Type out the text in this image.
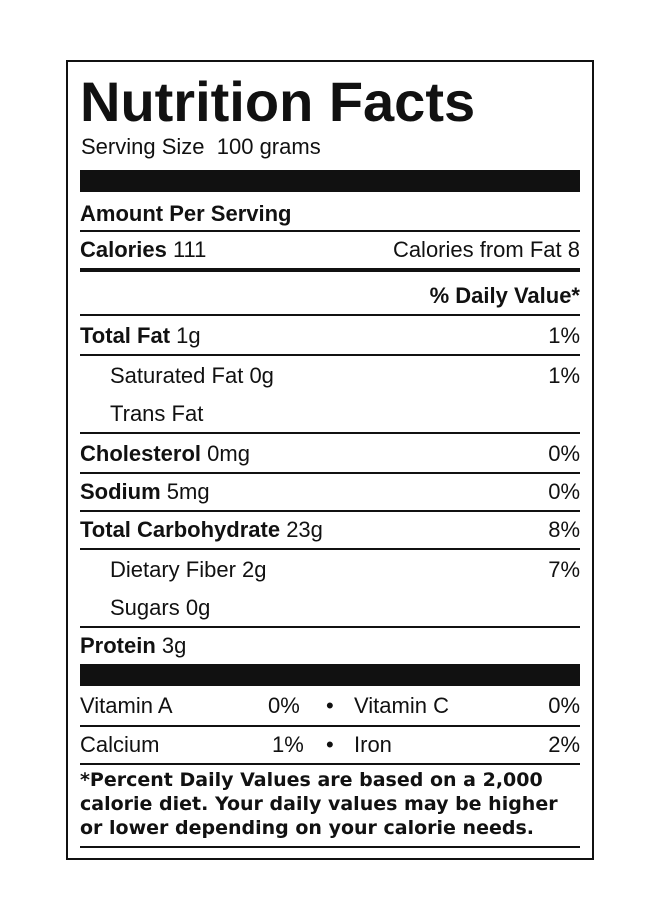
Nutrition Facts
Serving Size 100 grams
Amount Per Serving
Calories 111	Calories from Fat 8
% Daily Value*
Total Fat 1g	1%
Saturated Fat 0g	1%
Trans Fat
Cholesterol 0mg	0%
Sodium 5mg	0%
Total Carbohydrate 23g	8%
Dietary Fiber 2g	7%
Sugars 0g
Protein 3g
Vitamin A	0% • Vitamin C	0%
Calcium	1% • Iron	2%
*Percent Daily Values are based on a 2,000 calorie diet. Your daily values may be higher or lower depending on your calorie needs.
